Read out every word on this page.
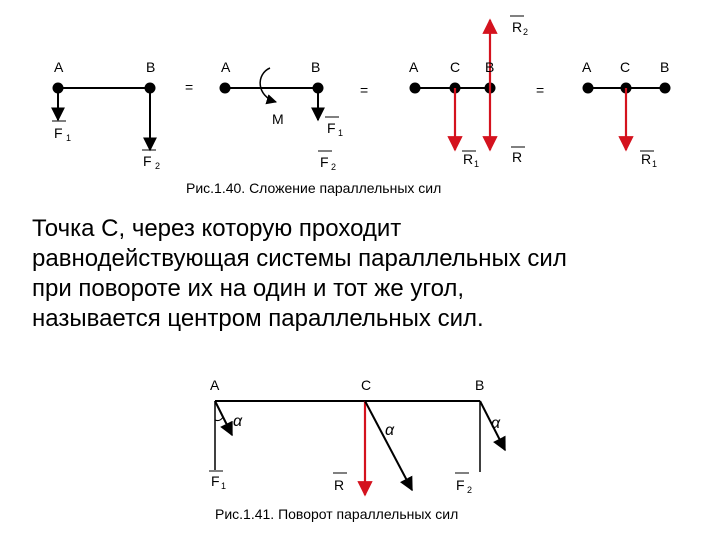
A	B
F 1
F 2
=
A	B
M
F 1
F 2
=
A C B
R 2
R 1 R
=
A C B
R 1
Рис.1.40. Сложение параллельных сил
Точка C, через которую проходит
равнодействующая системы параллельных сил
при повороте их на один и тот же угол,
называется центром параллельных сил.
α
A
F 1
α
C
R
α
B
F 2
Рис.1.41. Поворот параллельных сил
